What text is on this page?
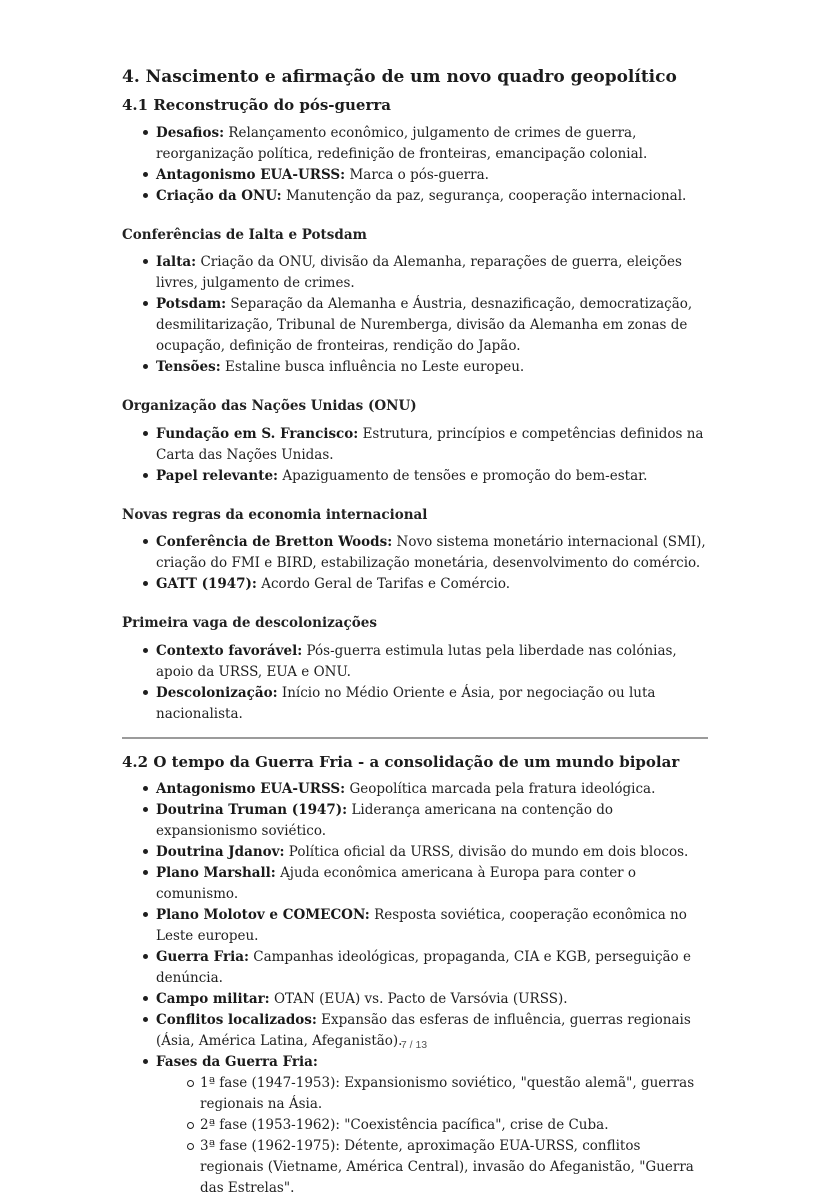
4. Nascimento e afirmação de um novo quadro geopolítico
4.1 Reconstrução do pós-guerra
Desafios: Relançamento econômico, julgamento de crimes de guerra, reorganização política, redefinição de fronteiras, emancipação colonial.
Antagonismo EUA-URSS: Marca o pós-guerra.
Criação da ONU: Manutenção da paz, segurança, cooperação internacional.
Conferências de Ialta e Potsdam
Ialta: Criação da ONU, divisão da Alemanha, reparações de guerra, eleições livres, julgamento de crimes.
Potsdam: Separação da Alemanha e Áustria, desnazificação, democratização, desmilitarização, Tribunal de Nuremberga, divisão da Alemanha em zonas de ocupação, definição de fronteiras, rendição do Japão.
Tensões: Estaline busca influência no Leste europeu.
Organização das Nações Unidas (ONU)
Fundação em S. Francisco: Estrutura, princípios e competências definidos na Carta das Nações Unidas.
Papel relevante: Apaziguamento de tensões e promoção do bem-estar.
Novas regras da economia internacional
Conferência de Bretton Woods: Novo sistema monetário internacional (SMI), criação do FMI e BIRD, estabilização monetária, desenvolvimento do comércio.
GATT (1947): Acordo Geral de Tarifas e Comércio.
Primeira vaga de descolonizações
Contexto favorável: Pós-guerra estimula lutas pela liberdade nas colónias, apoio da URSS, EUA e ONU.
Descolonização: Início no Médio Oriente e Ásia, por negociação ou luta nacionalista.
4.2 O tempo da Guerra Fria - a consolidação de um mundo bipolar
Antagonismo EUA-URSS: Geopolítica marcada pela fratura ideológica.
Doutrina Truman (1947): Liderança americana na contenção do expansionismo soviético.
Doutrina Jdanov: Política oficial da URSS, divisão do mundo em dois blocos.
Plano Marshall: Ajuda econômica americana à Europa para conter o comunismo.
Plano Molotov e COMECON: Resposta soviética, cooperação econômica no Leste europeu.
Guerra Fria: Campanhas ideológicas, propaganda, CIA e KGB, perseguição e denúncia.
Campo militar: OTAN (EUA) vs. Pacto de Varsóvia (URSS).
Conflitos localizados: Expansão das esferas de influência, guerras regionais (Ásia, América Latina, Afeganistão).
Fases da Guerra Fria:
1ª fase (1947-1953): Expansionismo soviético, "questão alemã", guerras regionais na Ásia.
2ª fase (1953-1962): "Coexistência pacífica", crise de Cuba.
3ª fase (1962-1975): Détente, aproximação EUA-URSS, conflitos regionais (Vietname, América Central), invasão do Afeganistão, "Guerra das Estrelas".
7 / 13
